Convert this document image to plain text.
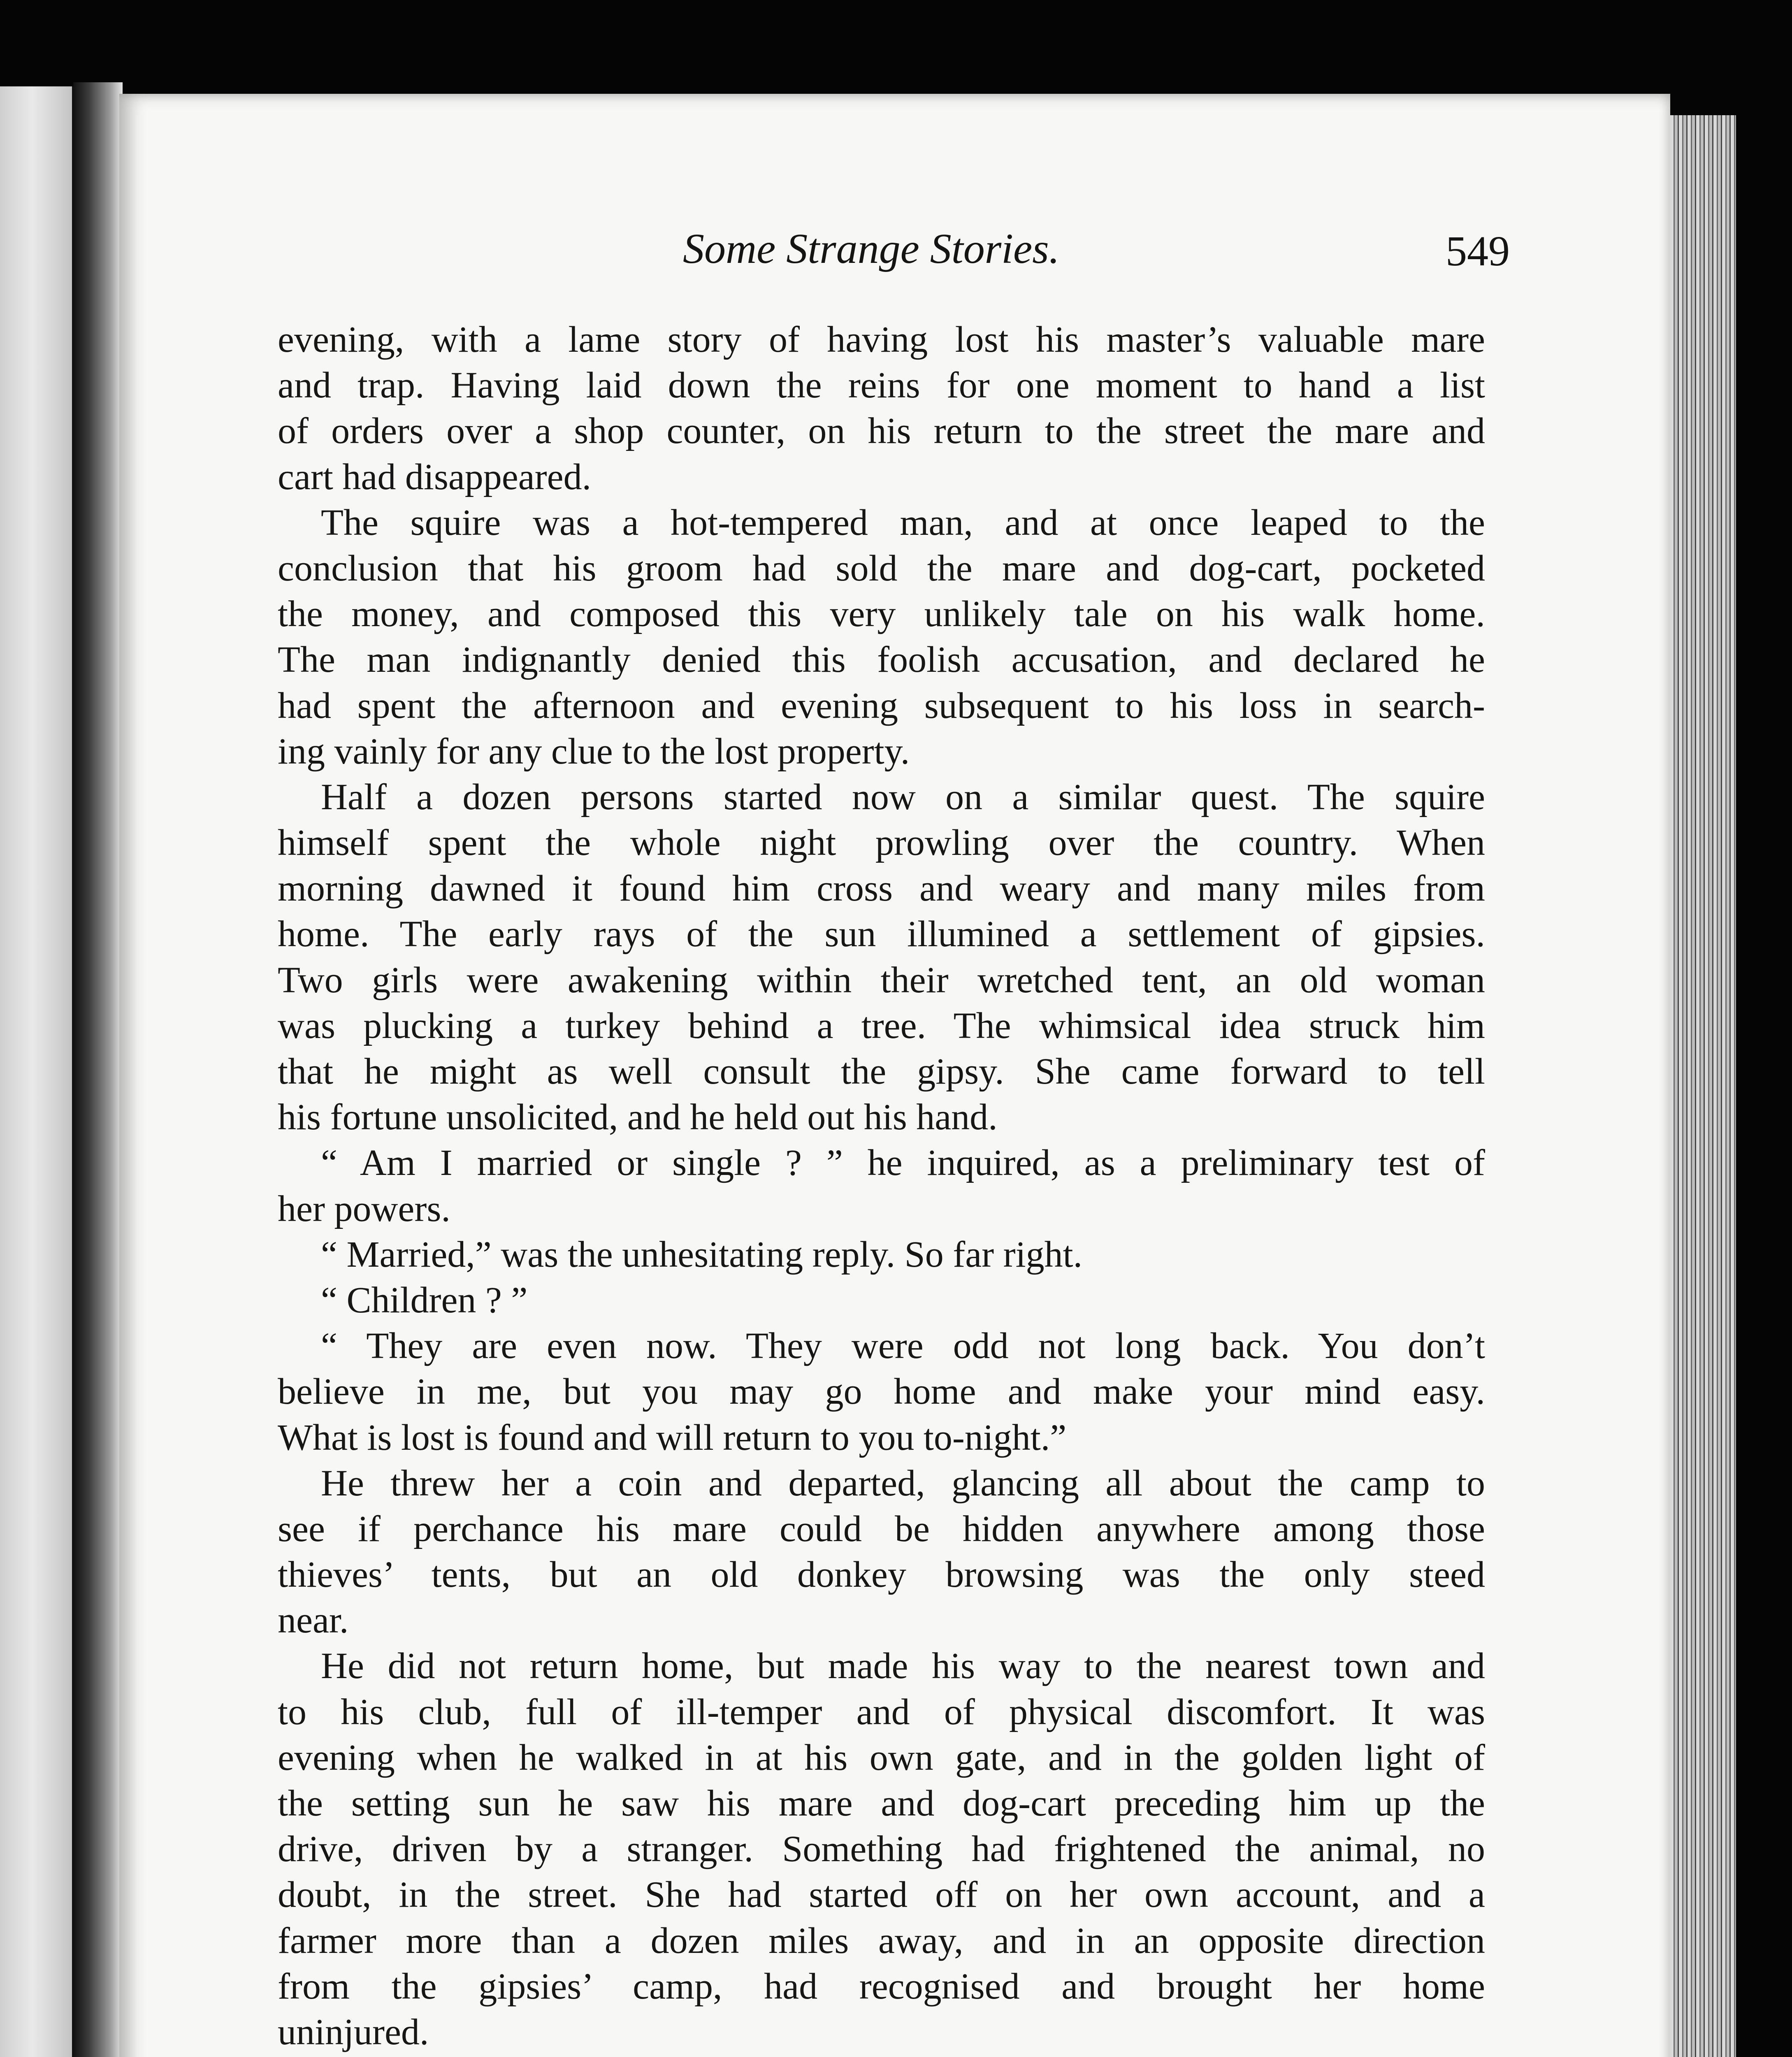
Some Strange Stories.	549
evening, with a lame story of having lost his master’s valuable mare
and trap. Having laid down the reins for one moment to hand a list
of orders over a shop counter, on his return to the street the mare and
cart had disappeared.
The squire was a hot-tempered man, and at once leaped to the
conclusion that his groom had sold the mare and dog-cart, pocketed
the money, and composed this very unlikely tale on his walk home.
The man indignantly denied this foolish accusation, and declared he
had spent the afternoon and evening subsequent to his loss in search-
ing vainly for any clue to the lost property.
Half a dozen persons started now on a similar quest. The squire
himself spent the whole night prowling over the country. When
morning dawned it found him cross and weary and many miles from
home. The early rays of the sun illumined a settlement of gipsies.
Two girls were awakening within their wretched tent, an old woman
was plucking a turkey behind a tree. The whimsical idea struck him
that he might as well consult the gipsy. She came forward to tell
his fortune unsolicited, and he held out his hand.
“ Am I married or single ? ” he inquired, as a preliminary test of
her powers.
“ Married,” was the unhesitating reply. So far right.
“ Children ? ”
“ They are even now. They were odd not long back. You don’t
believe in me, but you may go home and make your mind easy.
What is lost is found and will return to you to-night.”
He threw her a coin and departed, glancing all about the camp to
see if perchance his mare could be hidden anywhere among those
thieves’ tents, but an old donkey browsing was the only steed
near.
He did not return home, but made his way to the nearest town and
to his club, full of ill-temper and of physical discomfort. It was
evening when he walked in at his own gate, and in the golden light of
the setting sun he saw his mare and dog-cart preceding him up the
drive, driven by a stranger. Something had frightened the animal, no
doubt, in the street. She had started off on her own account, and a
farmer more than a dozen miles away, and in an opposite direction
from the gipsies’ camp, had recognised and brought her home
uninjured.
